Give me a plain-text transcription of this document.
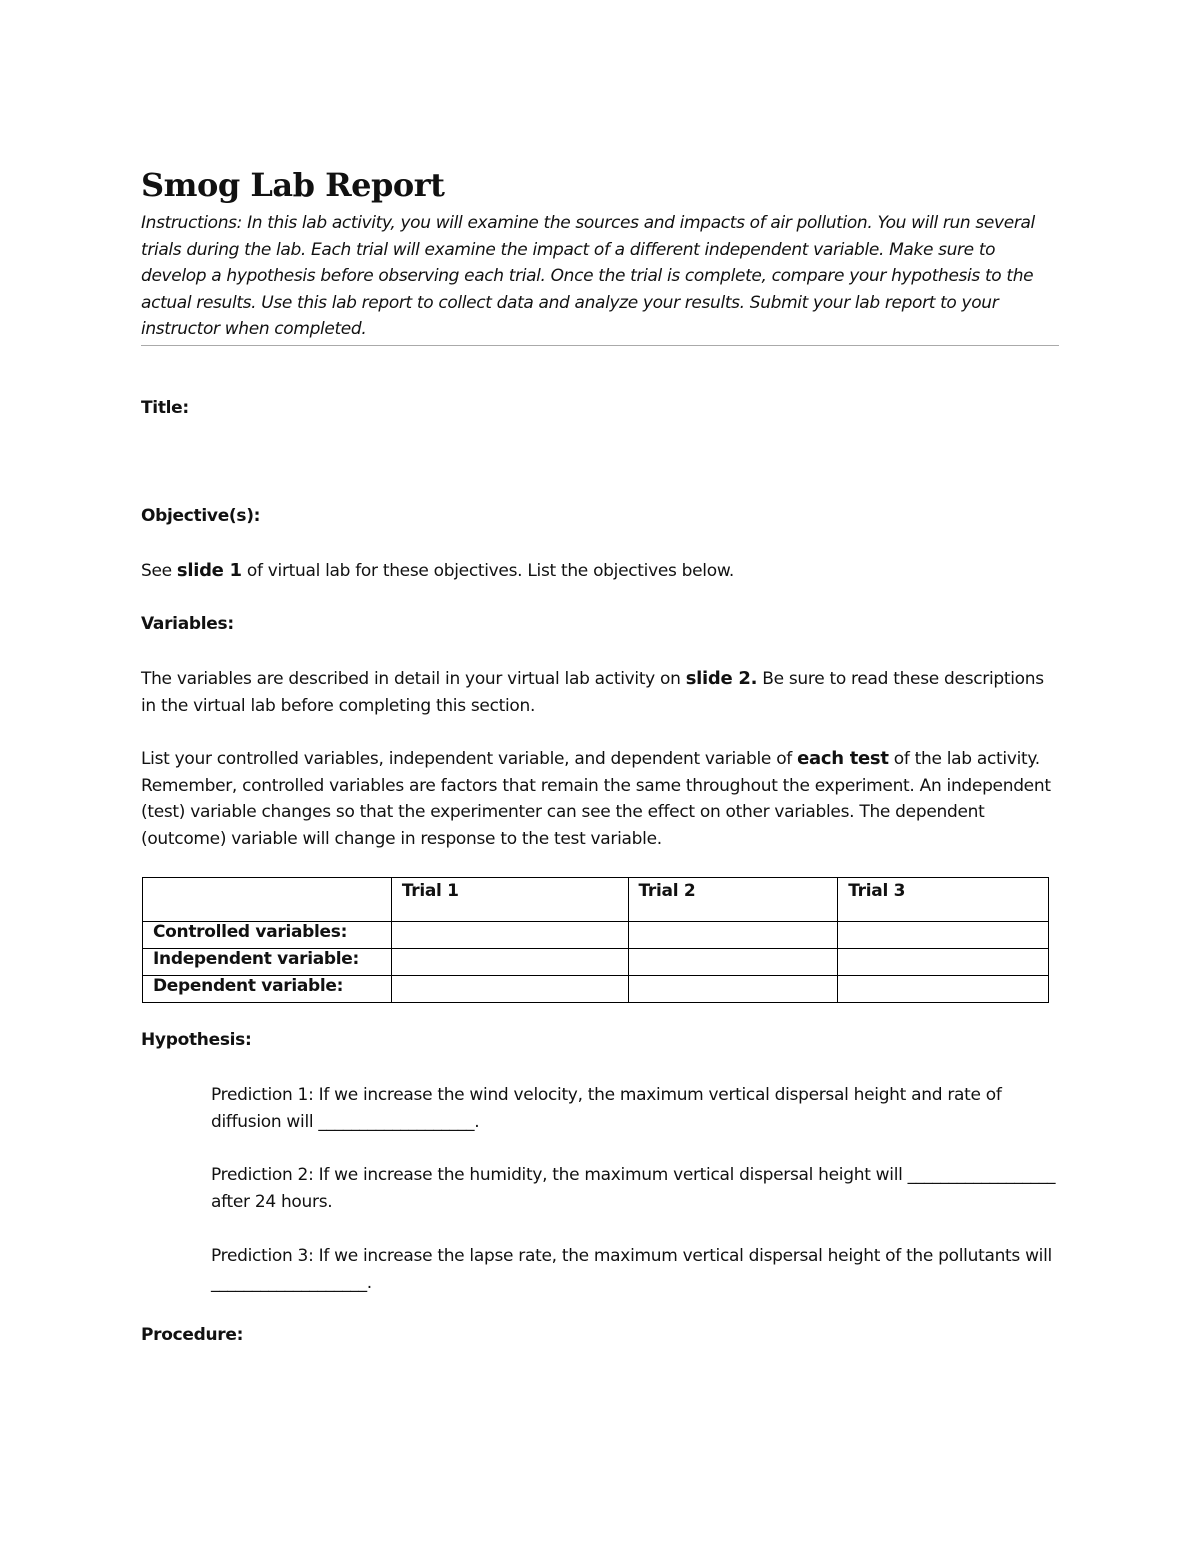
Smog Lab Report

Instructions: In this lab activity, you will examine the sources and impacts of air pollution. You will run several trials during the lab. Each trial will examine the impact of a different independent variable. Make sure to develop a hypothesis before observing each trial. Once the trial is complete, compare your hypothesis to the actual results. Use this lab report to collect data and analyze your results. Submit your lab report to your instructor when completed.

Title:
Objective(s):

See slide 1 of virtual lab for these objectives. List the objectives below.

Variables:

The variables are described in detail in your virtual lab activity on slide 2. Be sure to read these descriptions in the virtual lab before completing this section.

List your controlled variables, independent variable, and dependent variable of each test of the lab activity. Remember, controlled variables are factors that remain the same throughout the experiment. An independent (test) variable changes so that the experimenter can see the effect on other variables. The dependent (outcome) variable will change in response to the test variable.

	Trial 1	Trial 2	Trial 3
Controlled variables:			
Independent variable:			
Dependent variable:			
Hypothesis:

Prediction 1: If we increase the wind velocity, the maximum vertical dispersal height and rate of diffusion will ___________________.

Prediction 2: If we increase the humidity, the maximum vertical dispersal height will __________________ after 24 hours.

Prediction 3: If we increase the lapse rate, the maximum vertical dispersal height of the pollutants will ___________________.

Procedure:
